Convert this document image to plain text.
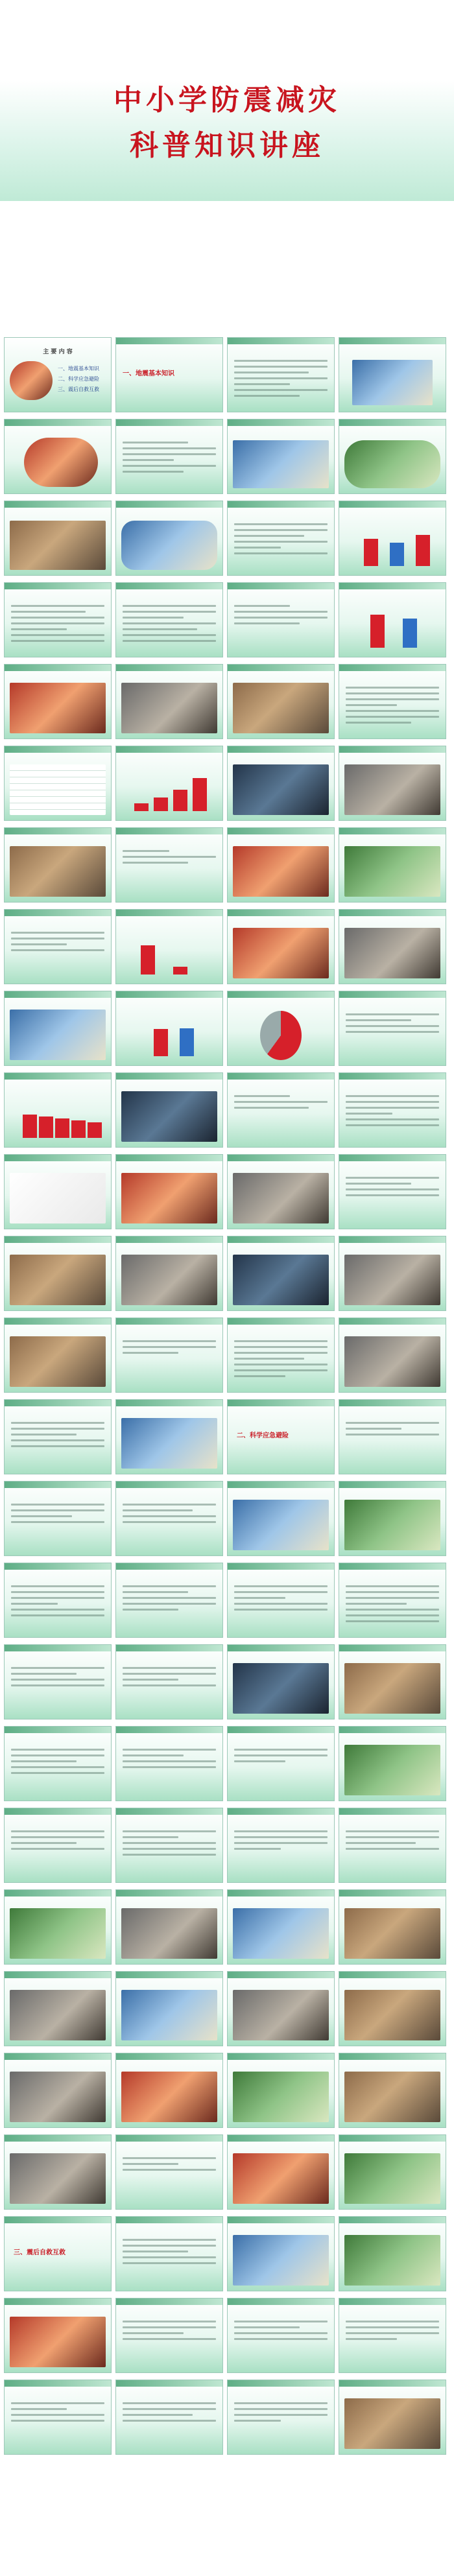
中小学防震减灾
科普知识讲座
主 要 内 容
一、地震基本知识
二、科学应急避险
三、震后自救互救
一、地震基本知识
二、科学应急避险
三、震后自救互救
